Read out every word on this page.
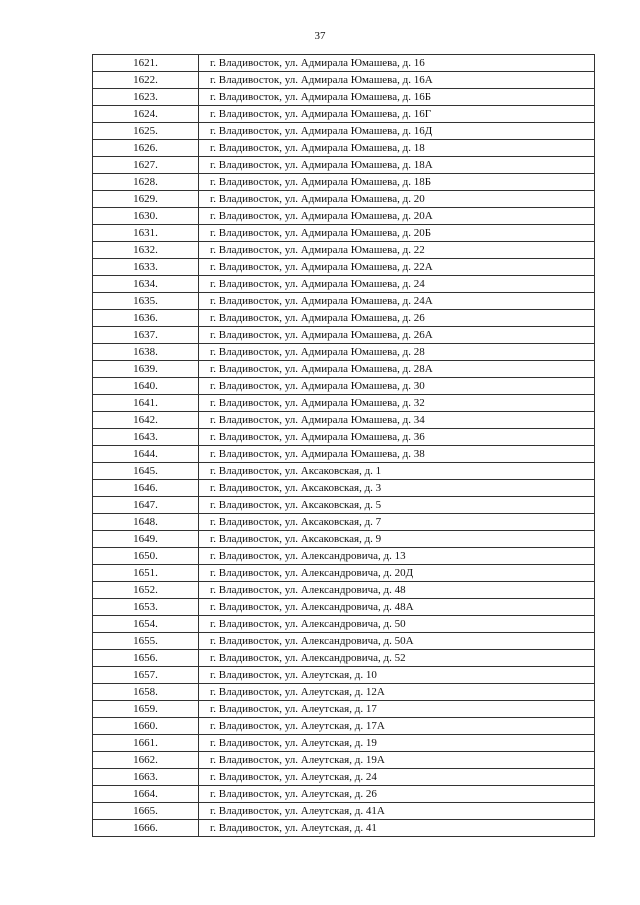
37
1621.	г. Владивосток, ул. Адмирала Юмашева, д. 16
1622.	г. Владивосток, ул. Адмирала Юмашева, д. 16А
1623.	г. Владивосток, ул. Адмирала Юмашева, д. 16Б
1624.	г. Владивосток, ул. Адмирала Юмашева, д. 16Г
1625.	г. Владивосток, ул. Адмирала Юмашева, д. 16Д
1626.	г. Владивосток, ул. Адмирала Юмашева, д. 18
1627.	г. Владивосток, ул. Адмирала Юмашева, д. 18А
1628.	г. Владивосток, ул. Адмирала Юмашева, д. 18Б
1629.	г. Владивосток, ул. Адмирала Юмашева, д. 20
1630.	г. Владивосток, ул. Адмирала Юмашева, д. 20А
1631.	г. Владивосток, ул. Адмирала Юмашева, д. 20Б
1632.	г. Владивосток, ул. Адмирала Юмашева, д. 22
1633.	г. Владивосток, ул. Адмирала Юмашева, д. 22А
1634.	г. Владивосток, ул. Адмирала Юмашева, д. 24
1635.	г. Владивосток, ул. Адмирала Юмашева, д. 24А
1636.	г. Владивосток, ул. Адмирала Юмашева, д. 26
1637.	г. Владивосток, ул. Адмирала Юмашева, д. 26А
1638.	г. Владивосток, ул. Адмирала Юмашева, д. 28
1639.	г. Владивосток, ул. Адмирала Юмашева, д. 28А
1640.	г. Владивосток, ул. Адмирала Юмашева, д. 30
1641.	г. Владивосток, ул. Адмирала Юмашева, д. 32
1642.	г. Владивосток, ул. Адмирала Юмашева, д. 34
1643.	г. Владивосток, ул. Адмирала Юмашева, д. 36
1644.	г. Владивосток, ул. Адмирала Юмашева, д. 38
1645.	г. Владивосток, ул. Аксаковская, д. 1
1646.	г. Владивосток, ул. Аксаковская, д. 3
1647.	г. Владивосток, ул. Аксаковская, д. 5
1648.	г. Владивосток, ул. Аксаковская, д. 7
1649.	г. Владивосток, ул. Аксаковская, д. 9
1650.	г. Владивосток, ул. Александровича, д. 13
1651.	г. Владивосток, ул. Александровича, д. 20Д
1652.	г. Владивосток, ул. Александровича, д. 48
1653.	г. Владивосток, ул. Александровича, д. 48А
1654.	г. Владивосток, ул. Александровича, д. 50
1655.	г. Владивосток, ул. Александровича, д. 50А
1656.	г. Владивосток, ул. Александровича, д. 52
1657.	г. Владивосток, ул. Алеутская, д. 10
1658.	г. Владивосток, ул. Алеутская, д. 12А
1659.	г. Владивосток, ул. Алеутская, д. 17
1660.	г. Владивосток, ул. Алеутская, д. 17А
1661.	г. Владивосток, ул. Алеутская, д. 19
1662.	г. Владивосток, ул. Алеутская, д. 19А
1663.	г. Владивосток, ул. Алеутская, д. 24
1664.	г. Владивосток, ул. Алеутская, д. 26
1665.	г. Владивосток, ул. Алеутская, д. 41А
1666.	г. Владивосток, ул. Алеутская, д. 41
